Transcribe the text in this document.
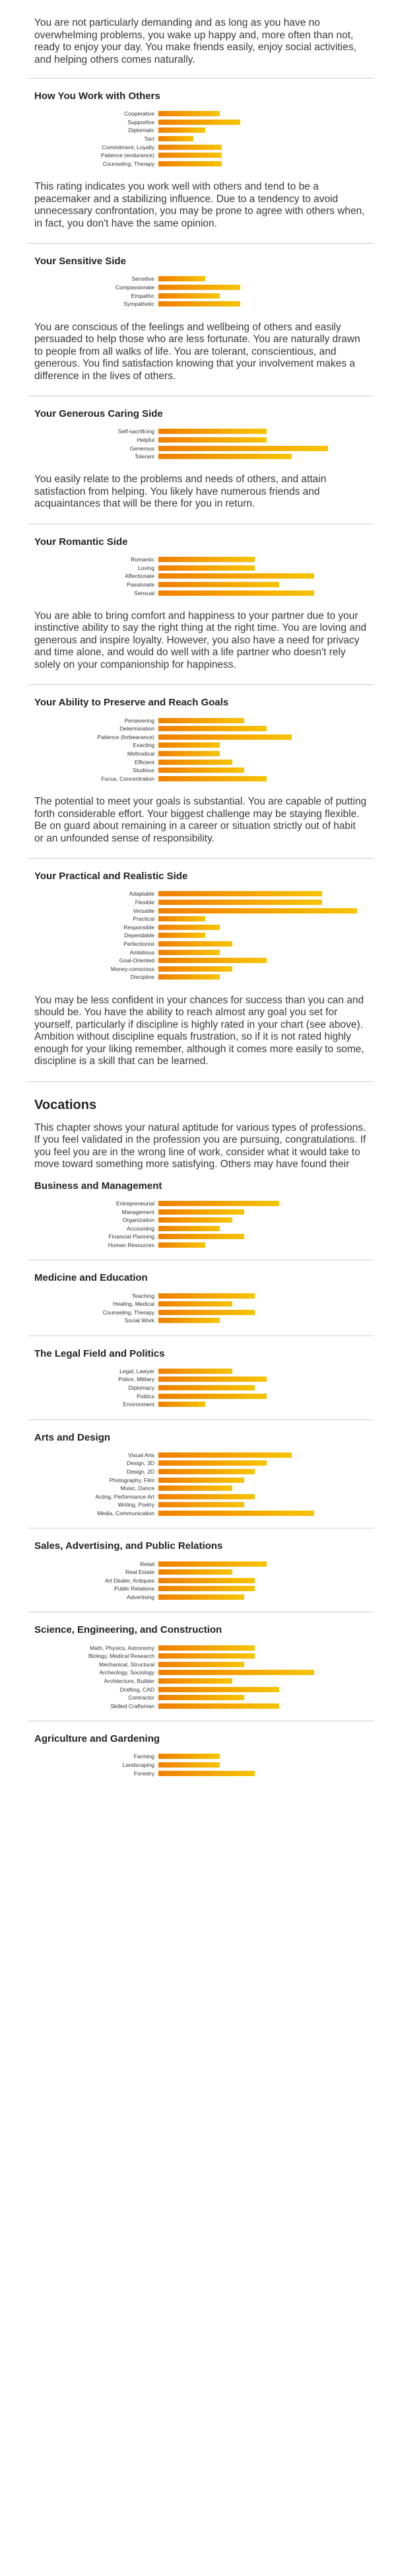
You are not particularly demanding and as long as you have no overwhelming problems, you wake up happy and, more often than not, ready to enjoy your day. You make friends easily, enjoy social activities, and helping others comes naturally.

How You Work with Others
Cooperative
Supportive
Diplomatic
Tact
Commitment, Loyalty
Patience (endurance)
Counseling, Therapy

This rating indicates you work well with others and tend to be a peacemaker and a stabilizing influence. Due to a tendency to avoid unnecessary confrontation, you may be prone to agree with others when, in fact, you don't have the same opinion.

Your Sensitive Side
Sensitive
Compassionate
Empathic
Sympathetic

You are conscious of the feelings and wellbeing of others and easily persuaded to help those who are less fortunate. You are naturally drawn to people from all walks of life. You are tolerant, conscientious, and generous. You find satisfaction knowing that your involvement makes a difference in the lives of others.

Your Generous Caring Side
Self-sacrificing
Helpful
Generous
Tolerant

You easily relate to the problems and needs of others, and attain satisfaction from helping. You likely have numerous friends and acquaintances that will be there for you in return.

Your Romantic Side
Romantic
Loving
Affectionate
Passionate
Sensual

You are able to bring comfort and happiness to your partner due to your instinctive ability to say the right thing at the right time. You are loving and generous and inspire loyalty. However, you also have a need for privacy and time alone, and would do well with a life partner who doesn't rely solely on your companionship for happiness.

Your Ability to Preserve and Reach Goals
Persevering
Determination
Patience (forbearance)
Exacting
Methodical
Efficient
Studious
Focus, Concentration

The potential to meet your goals is substantial. You are capable of putting forth considerable effort. Your biggest challenge may be staying flexible. Be on guard about remaining in a career or situation strictly out of habit or an unfounded sense of responsibility.

Your Practical and Realistic Side
Adaptable
Flexible
Versatile
Practical
Responsible
Dependable
Perfectionist
Ambitious
Goal-Oriented
Money-conscious
Discipline

You may be less confident in your chances for success than you can and should be. You have the ability to reach almost any goal you set for yourself, particularly if discipline is highly rated in your chart (see above). Ambition without discipline equals frustration, so if it is not rated highly enough for your liking remember, although it comes more easily to some, discipline is a skill that can be learned.

Vocations

This chapter shows your natural aptitude for various types of professions. If you feel validated in the profession you are pursuing, congratulations. If you feel you are in the wrong line of work, consider what it would take to move toward something more satisfying. Others may have found their

Business and Management
Entrepreneurial
Management
Organization
Accounting
Financial Planning
Human Resources
Medicine and Education
Teaching
Healing, Medical
Counseling, Therapy
Social Work
The Legal Field and Politics
Legal, Lawyer
Police, Military
Diplomacy
Politics
Environment
Arts and Design
Visual Arts
Design, 3D
Design, 2D
Photography, Film
Music, Dance
Acting, Performance Art
Writing, Poetry
Media, Communication
Sales, Advertising, and Public Relations
Retail
Real Estate
Art Dealer, Antiques
Public Relations
Advertising
Science, Engineering, and Construction
Math, Physics, Astronomy
Biology, Medical Research
Mechanical, Structural
Archeology, Sociology
Architecture, Builder
Drafting, CAD
Contractor
Skilled Craftsman
Agriculture and Gardening
Farming
Landscaping
Forestry
